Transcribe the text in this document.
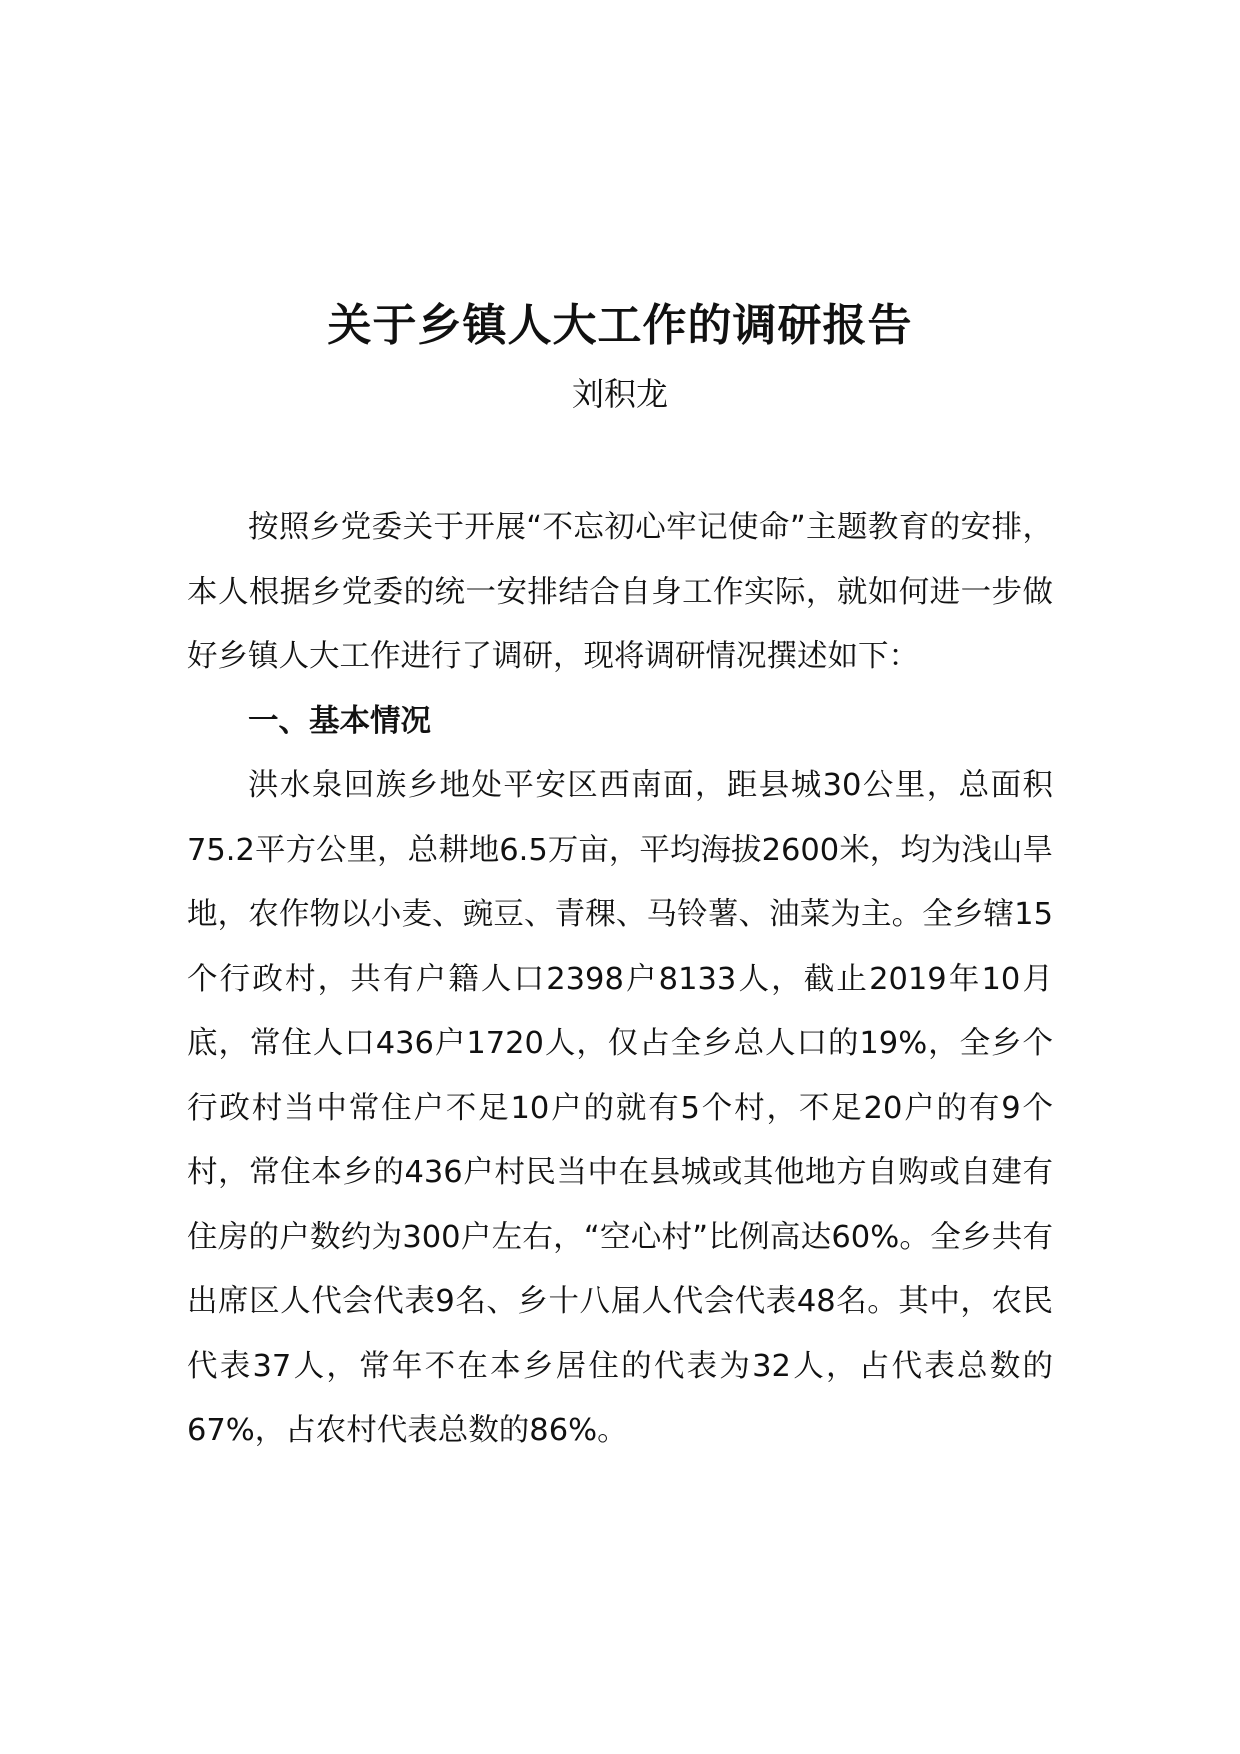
关于乡镇人大工作的调研报告
刘积龙

按照乡党委关于开展“不忘初心牢记使命”主题教育的安排，本人根据乡党委的统一安排结合自身工作实际，就如何进一步做好乡镇人大工作进行了调研，现将调研情况撰述如下：

一、基本情况

洪水泉回族乡地处平安区西南面，距县城30公里，总面积75.2平方公里，总耕地6.5万亩，平均海拔2600米，均为浅山旱地，农作物以小麦、豌豆、青稞、马铃薯、油菜为主。全乡辖15个行政村，共有户籍人口2398户8133人，截止2019年10月底，常住人口436户1720人，仅占全乡总人口的19%，全乡个行政村当中常住户不足10户的就有5个村，不足20户的有9个村，常住本乡的436户村民当中在县城或其他地方自购或自建有住房的户数约为300户左右，“空心村”比例高达60%。全乡共有出席区人代会代表9名、乡十八届人代会代表48名。其中，农民代表37人，常年不在本乡居住的代表为32人，占代表总数的67%，占农村代表总数的86%。
